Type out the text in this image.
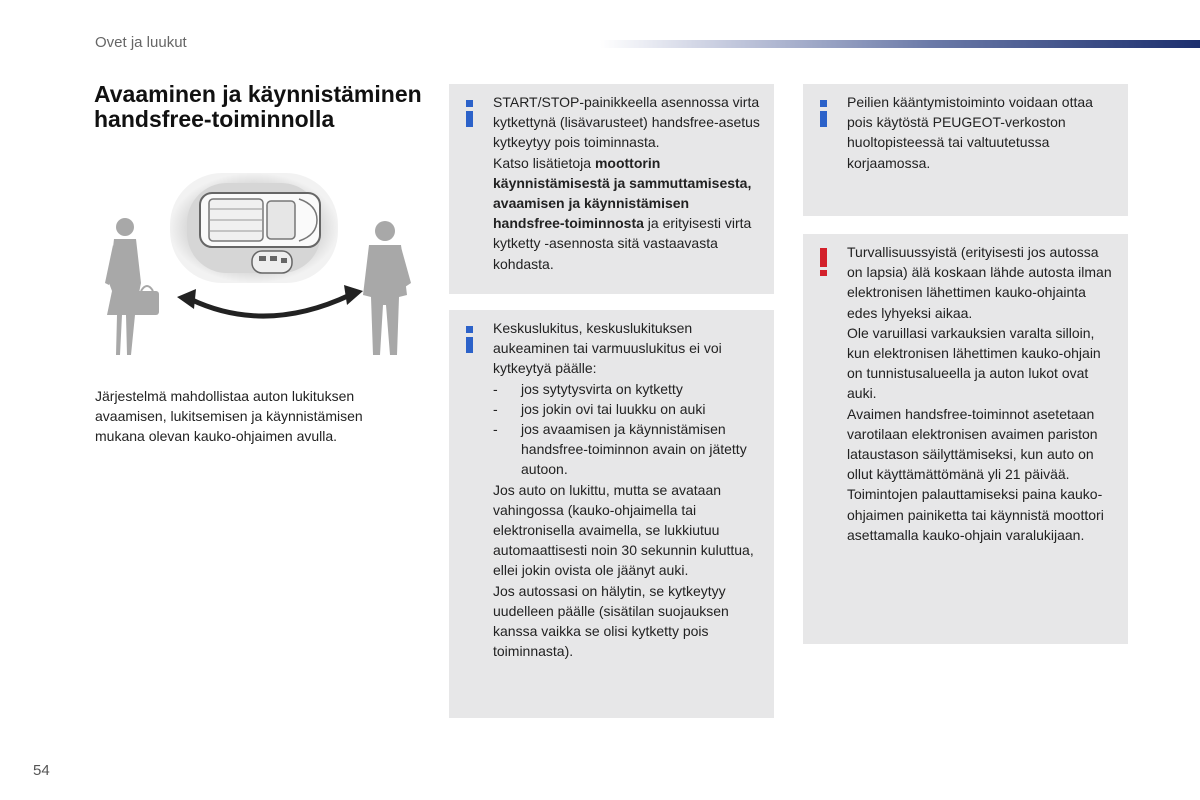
Ovet ja luukut
Avaaminen ja käynnistäminen handsfree-toiminnolla
Järjestelmä mahdollistaa auton lukituksen avaamisen, lukitsemisen ja käynnistämisen mukana olevan kauko-ohjaimen avulla.

START/STOP-painikkeella asennossa virta kytkettynä (lisävarusteet) handsfree-asetus kytkeytyy pois toiminnasta.

Katso lisätietoja moottorin käynnistämisestä ja sammuttamisesta, avaamisen ja käynnistämisen handsfree-toiminnosta ja erityisesti virta kytketty -asennosta sitä vastaavasta kohdasta.

Keskuslukitus, keskuslukituksen aukeaminen tai varmuuslukitus ei voi kytkeytyä päälle:

- jos sytytysvirta on kytketty
- jos jokin ovi tai luukku on auki
- jos avaamisen ja käynnistämisen handsfree-toiminnon avain on jätetty autoon.

Jos auto on lukittu, mutta se avataan vahingossa (kauko-ohjaimella tai elektronisella avaimella, se lukkiutuu automaattisesti noin 30 sekunnin kuluttua, ellei jokin ovista ole jäänyt auki.

Jos autossasi on hälytin, se kytkeytyy uudelleen päälle (sisätilan suojauksen kanssa vaikka se olisi kytketty pois toiminnasta).

Peilien kääntymistoiminto voidaan ottaa pois käytöstä PEUGEOT-verkoston huoltopisteessä tai valtuutetussa korjaamossa.

Turvallisuussyistä (erityisesti jos autossa on lapsia) älä koskaan lähde autosta ilman elektronisen lähettimen kauko-ohjainta edes lyhyeksi aikaa.

Ole varuillasi varkauksien varalta silloin, kun elektronisen lähettimen kauko-ohjain on tunnistusalueella ja auton lukot ovat auki.

Avaimen handsfree-toiminnot asetetaan varotilaan elektronisen avaimen pariston lataustason säilyttämiseksi, kun auto on ollut käyttämättömänä yli 21 päivää.

Toimintojen palauttamiseksi paina kauko-ohjaimen painiketta tai käynnistä moottori asettamalla kauko-ohjain varalukijaan.

54
